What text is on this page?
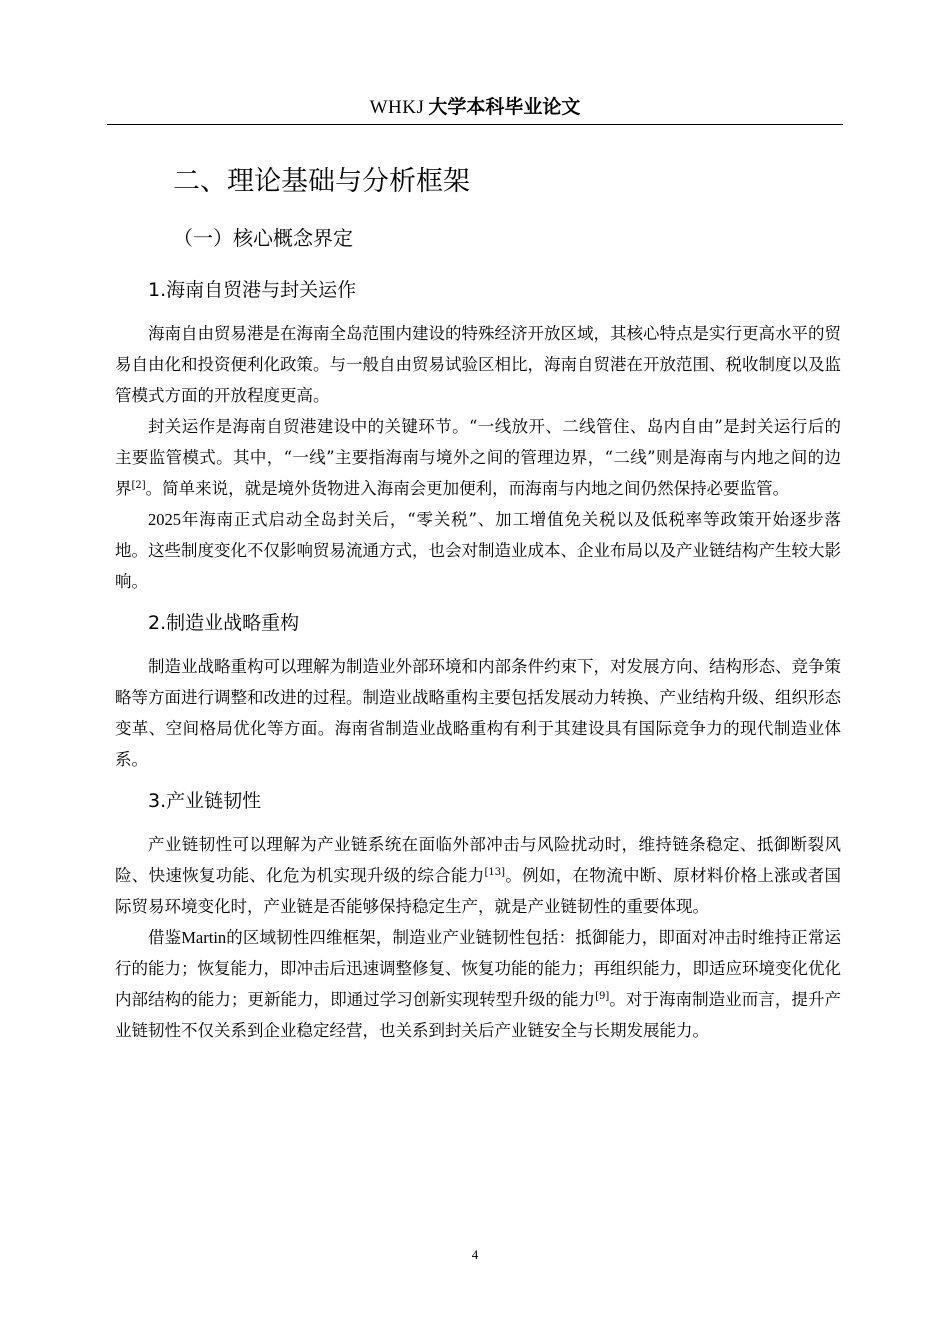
WHKJ 大学本科毕业论文
二、理论基础与分析框架
（一）核心概念界定
1.海南自贸港与封关运作

海南自由贸易港是在海南全岛范围内建设的特殊经济开放区域，其核心特点是实行更高水平的贸易自由化和投资便利化政策。与一般自由贸易试验区相比，海南自贸港在开放范围、税收制度以及监管模式方面的开放程度更高。

封关运作是海南自贸港建设中的关键环节。“一线放开、二线管住、岛内自由”是封关运行后的主要监管模式。其中，“一线”主要指海南与境外之间的管理边界，“二线”则是海南与内地之间的边界[2]。简单来说，就是境外货物进入海南会更加便利，而海南与内地之间仍然保持必要监管。

2025年海南正式启动全岛封关后，“零关税”、加工增值免关税以及低税率等政策开始逐步落地。这些制度变化不仅影响贸易流通方式，也会对制造业成本、企业布局以及产业链结构产生较大影响。

2.制造业战略重构

制造业战略重构可以理解为制造业外部环境和内部条件约束下，对发展方向、结构形态、竞争策略等方面进行调整和改进的过程。制造业战略重构主要包括发展动力转换、产业结构升级、组织形态变革、空间格局优化等方面。海南省制造业战略重构有利于其建设具有国际竞争力的现代制造业体系。

3.产业链韧性

产业链韧性可以理解为产业链系统在面临外部冲击与风险扰动时，维持链条稳定、抵御断裂风险、快速恢复功能、化危为机实现升级的综合能力[13]。例如，在物流中断、原材料价格上涨或者国际贸易环境变化时，产业链是否能够保持稳定生产，就是产业链韧性的重要体现。

借鉴Martin的区域韧性四维框架，制造业产业链韧性包括：抵御能力，即面对冲击时维持正常运行的能力；恢复能力，即冲击后迅速调整修复、恢复功能的能力；再组织能力，即适应环境变化优化内部结构的能力；更新能力，即通过学习创新实现转型升级的能力[9]。对于海南制造业而言，提升产业链韧性不仅关系到企业稳定经营，也关系到封关后产业链安全与长期发展能力。

4
